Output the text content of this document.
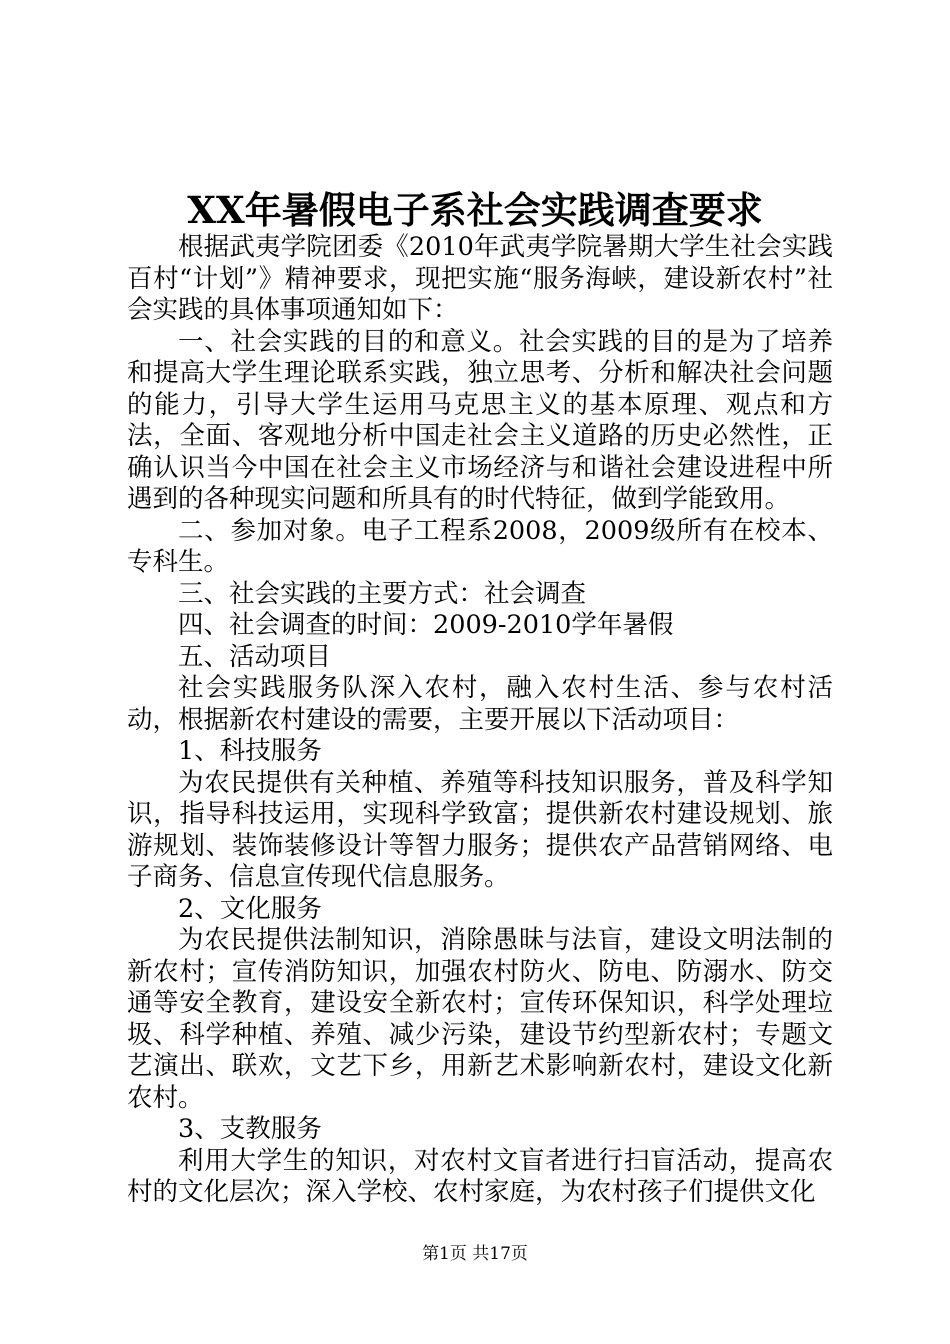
XX年暑假电子系社会实践调查要求

根据武夷学院团委《2010年武夷学院暑期大学生社会实践百村“计划”》精神要求，现把实施“服务海峡，建设新农村”社会实践的具体事项通知如下：

一、社会实践的目的和意义。社会实践的目的是为了培养和提高大学生理论联系实践，独立思考、分析和解决社会问题的能力，引导大学生运用马克思主义的基本原理、观点和方法，全面、客观地分析中国走社会主义道路的历史必然性，正确认识当今中国在社会主义市场经济与和谐社会建设进程中所遇到的各种现实问题和所具有的时代特征，做到学能致用。

二、参加对象。电子工程系2008，2009级所有在校本、专科生。

三、社会实践的主要方式：社会调查

四、社会调查的时间：2009-2010学年暑假

五、活动项目

社会实践服务队深入农村，融入农村生活、参与农村活动，根据新农村建设的需要，主要开展以下活动项目：

1、科技服务

为农民提供有关种植、养殖等科技知识服务，普及科学知识，指导科技运用，实现科学致富；提供新农村建设规划、旅游规划、装饰装修设计等智力服务；提供农产品营销网络、电子商务、信息宣传现代信息服务。

2、文化服务

为农民提供法制知识，消除愚昧与法盲，建设文明法制的新农村；宣传消防知识，加强农村防火、防电、防溺水、防交通等安全教育，建设安全新农村；宣传环保知识，科学处理垃圾、科学种植、养殖、减少污染，建设节约型新农村；专题文艺演出、联欢，文艺下乡，用新艺术影响新农村，建设文化新农村。

3、支教服务

利用大学生的知识，对农村文盲者进行扫盲活动，提高农村的文化层次；深入学校、农村家庭，为农村孩子们提供文化

第1页 共17页
